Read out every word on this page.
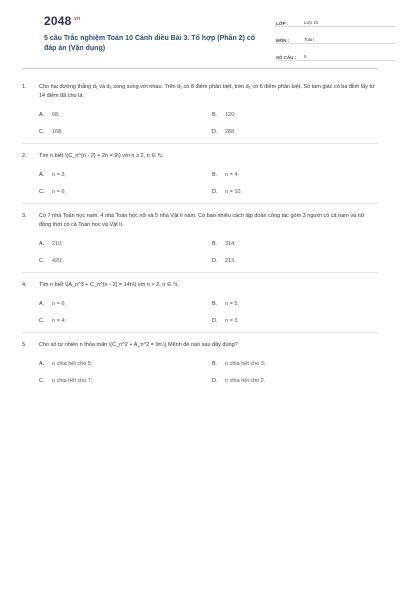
$2048^{.vn}$
5 câu Trắc nghiệm Toán 10 Cánh diều Bài 3. Tổ hợp (Phần 2) có đáp án (Vận dụng)
LỚP :	Lớp 10
MÔN :	Toán
SỐ CÂU :	5
1.	Cho hai đường thẳng d₁ và d₂ song song với nhau. Trên d₁ có 8 điểm phân biệt, trên d₂ có 6 điểm phân biệt. Số tam giác có ba đỉnh lấy từ 14 điểm đã cho là:
A.	68;	B.	120;
C.	168;	D.	288.
2.	Tìm n biết \(C_n^{n - 2} + 2n = 9\) với n ≥ 2, n ∈ ℕ.
A.	n = 3;	B.	n = 4;
C.	n = 6;	D.	n = 10.
3.	Có 7 nhà Toán học nam, 4 nhà Toán học nữ và 5 nhà Vật lí nam. Có bao nhiêu cách lập đoàn công tác gồm 3 người có cả nam và nữ đồng thời có cả Toán học và Vật lí.
A.	210;	B.	314;
C.	420;	D.	213.
4.	Tìm n biết \(A_n^3 + C_n^{n - 2} = 14n\) với n > 2, n ∈ ℕ.
A.	n = 6;	B.	n = 5;
C.	n = 4;	D.	n = 3.
5.	Cho số tự nhiên n thỏa mãn \(C_n^2 + A_n^2 = 9n.\) Mệnh đề nào sau đây đúng?
A.	n chia hết cho 5;	B.	n chia hết cho 3;
C.	n chia hết cho 7;	D.	n chia hết cho 2.
